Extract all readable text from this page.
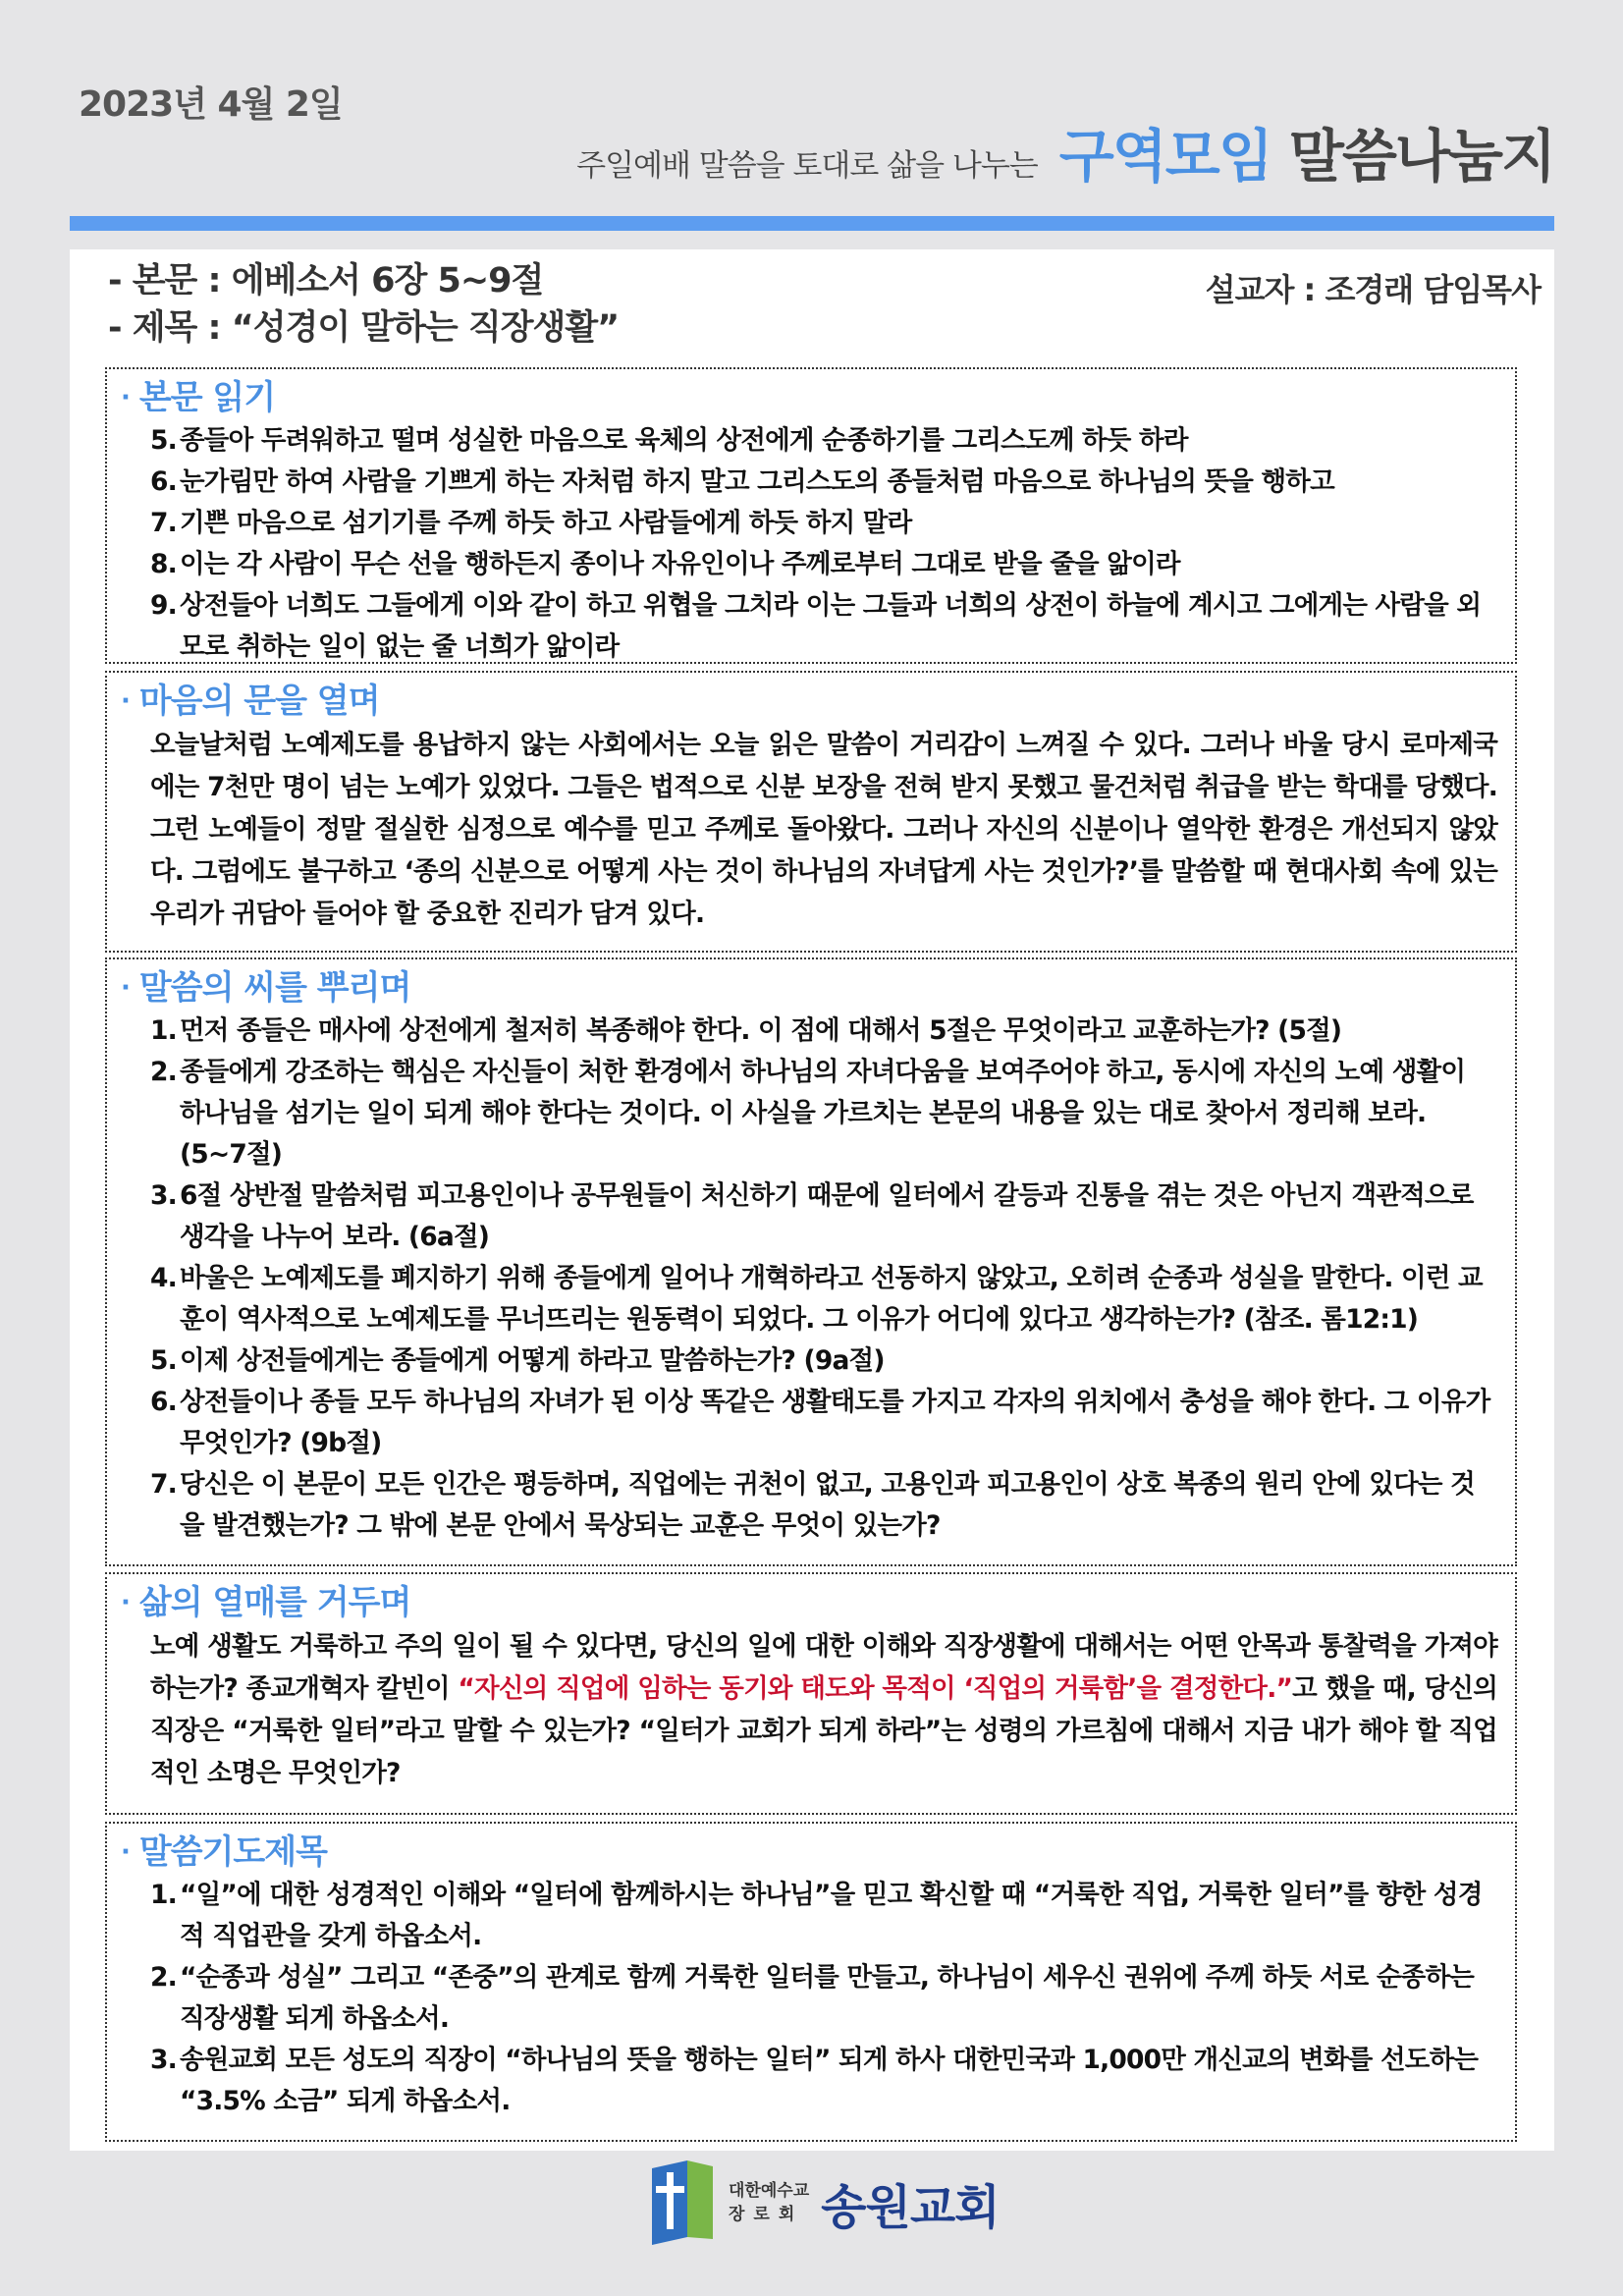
2023년 4월 2일
주일예배 말씀을 토대로 삶을 나누는 구역모임 말씀나눔지
- 본문 : 에베소서 6장 5~9절
- 제목 : “성경이 말하는 직장생활”
설교자 : 조경래 담임목사
· 본문 읽기
5. 종들아 두려워하고 떨며 성실한 마음으로 육체의 상전에게 순종하기를 그리스도께 하듯 하라
6. 눈가림만 하여 사람을 기쁘게 하는 자처럼 하지 말고 그리스도의 종들처럼 마음으로 하나님의 뜻을 행하고
7. 기쁜 마음으로 섬기기를 주께 하듯 하고 사람들에게 하듯 하지 말라
8. 이는 각 사람이 무슨 선을 행하든지 종이나 자유인이나 주께로부터 그대로 받을 줄을 앎이라
9. 상전들아 너희도 그들에게 이와 같이 하고 위협을 그치라 이는 그들과 너희의 상전이 하늘에 계시고 그에게는 사람을 외모로 취하는 일이 없는 줄 너희가 앎이라
· 마음의 문을 열며
오늘날처럼 노예제도를 용납하지 않는 사회에서는 오늘 읽은 말씀이 거리감이 느껴질 수 있다. 그러나 바울 당시 로마제국에는 7천만 명이 넘는 노예가 있었다. 그들은 법적으로 신분 보장을 전혀 받지 못했고 물건처럼 취급을 받는 학대를 당했다. 그런 노예들이 정말 절실한 심정으로 예수를 믿고 주께로 돌아왔다. 그러나 자신의 신분이나 열악한 환경은 개선되지 않았다. 그럼에도 불구하고 ‘종의 신분으로 어떻게 사는 것이 하나님의 자녀답게 사는 것인가?’를 말씀할 때 현대사회 속에 있는 우리가 귀담아 들어야 할 중요한 진리가 담겨 있다.
· 말씀의 씨를 뿌리며
1. 먼저 종들은 매사에 상전에게 철저히 복종해야 한다. 이 점에 대해서 5절은 무엇이라고 교훈하는가? (5절)
2. 종들에게 강조하는 핵심은 자신들이 처한 환경에서 하나님의 자녀다움을 보여주어야 하고, 동시에 자신의 노예 생활이 하나님을 섬기는 일이 되게 해야 한다는 것이다. 이 사실을 가르치는 본문의 내용을 있는 대로 찾아서 정리해 보라. (5~7절)
3. 6절 상반절 말씀처럼 피고용인이나 공무원들이 처신하기 때문에 일터에서 갈등과 진통을 겪는 것은 아닌지 객관적으로 생각을 나누어 보라. (6a절)
4. 바울은 노예제도를 폐지하기 위해 종들에게 일어나 개혁하라고 선동하지 않았고, 오히려 순종과 성실을 말한다. 이런 교훈이 역사적으로 노예제도를 무너뜨리는 원동력이 되었다. 그 이유가 어디에 있다고 생각하는가? (참조. 롬12:1)
5. 이제 상전들에게는 종들에게 어떻게 하라고 말씀하는가? (9a절)
6. 상전들이나 종들 모두 하나님의 자녀가 된 이상 똑같은 생활태도를 가지고 각자의 위치에서 충성을 해야 한다. 그 이유가 무엇인가? (9b절)
7. 당신은 이 본문이 모든 인간은 평등하며, 직업에는 귀천이 없고, 고용인과 피고용인이 상호 복종의 원리 안에 있다는 것을 발견했는가? 그 밖에 본문 안에서 묵상되는 교훈은 무엇이 있는가?
· 삶의 열매를 거두며
노예 생활도 거룩하고 주의 일이 될 수 있다면, 당신의 일에 대한 이해와 직장생활에 대해서는 어떤 안목과 통찰력을 가져야 하는가? 종교개혁자 칼빈이 “자신의 직업에 임하는 동기와 태도와 목적이 ‘직업의 거룩함’을 결정한다.”고 했을 때, 당신의 직장은 “거룩한 일터”라고 말할 수 있는가? “일터가 교회가 되게 하라”는 성령의 가르침에 대해서 지금 내가 해야 할 직업적인 소명은 무엇인가?
· 말씀기도제목
1. “일”에 대한 성경적인 이해와 “일터에 함께하시는 하나님”을 믿고 확신할 때 “거룩한 직업, 거룩한 일터”를 향한 성경적 직업관을 갖게 하옵소서.
2. “순종과 성실” 그리고 “존중”의 관계로 함께 거룩한 일터를 만들고, 하나님이 세우신 권위에 주께 하듯 서로 순종하는 직장생활 되게 하옵소서.
3. 송원교회 모든 성도의 직장이 “하나님의 뜻을 행하는 일터” 되게 하사 대한민국과 1,000만 개신교의 변화를 선도하는 “3.5% 소금” 되게 하옵소서.
대한예수교
장로회 송원교회
